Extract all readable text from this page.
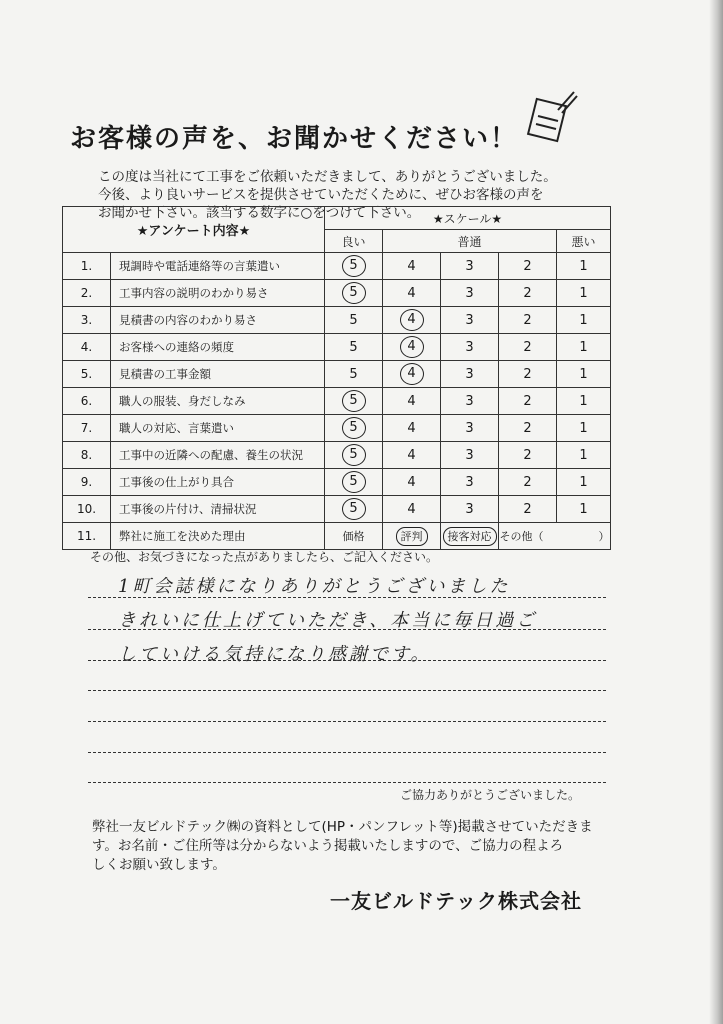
お客様の声を、お聞かせください！
この度は当社にて工事をご依頼いただきまして、ありがとうございました。
今後、より良いサービスを提供させていただくために、ぜひお客様の声を
お聞かせ下さい。該当する数字に○をつけて下さい。
★アンケート内容★		★スケール★				
		良い	普通			悪い
1.	現調時や電話連絡等の言葉遣い	5	4	3	2	1
2.	工事内容の説明のわかり易さ	5	4	3	2	1
3.	見積書の内容のわかり易さ	5	4	3	2	1
4.	お客様への連絡の頻度	5	4	3	2	1
5.	見積書の工事金額	5	4	3	2	1
6.	職人の服装、身だしなみ	5	4	3	2	1
7.	職人の対応、言葉遣い	5	4	3	2	1
8.	工事中の近隣への配慮、養生の状況	5	4	3	2	1
9.	工事後の仕上がり具合	5	4	3	2	1
10.	工事後の片付け、清掃状況	5	4	3	2	1
11.	弊社に施工を決めた理由	価格	評判	接客対応	その他（　　　　　）	
その他、お気づきになった点がありましたら、ご記入ください。
1町会誌様になりありがとうございました
きれいに仕上げていただき、本当に毎日過ご
していける気持になり感謝です。
ご協力ありがとうございました。
弊社一友ビルドテック㈱の資料として(HP・パンフレット等)掲載させていただきま
す。お名前・ご住所等は分からないよう掲載いたしますので、ご協力の程よろ
しくお願い致します。
一友ビルドテック株式会社
